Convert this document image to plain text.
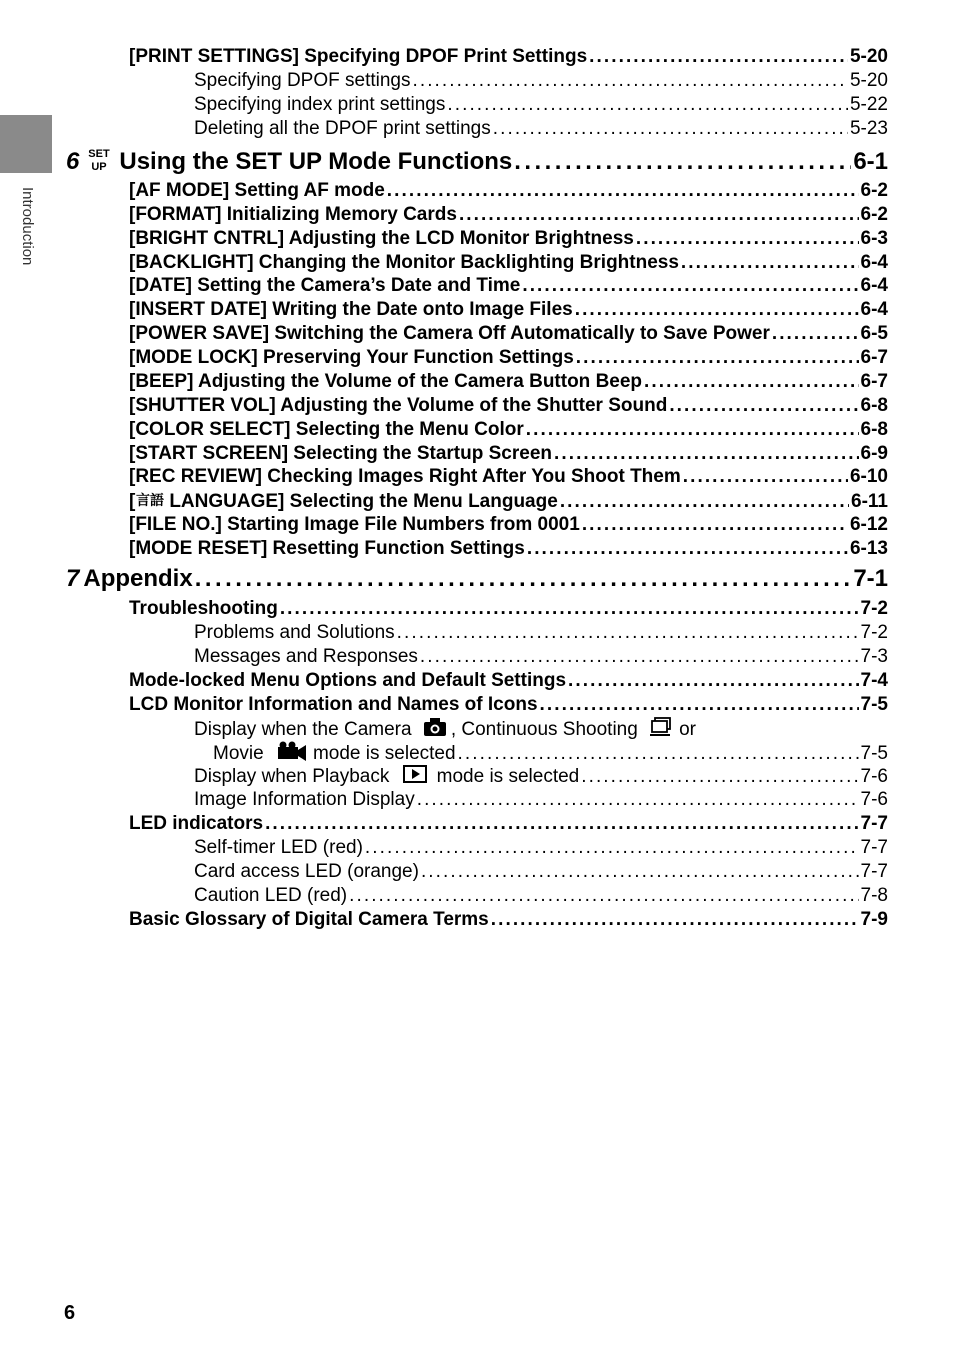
Introduction
[PRINT SETTINGS] Specifying DPOF Print Settings . . .	5-20
Specifying DPOF settings . . .	5-20
Specifying index print settings . . .	5-22
Deleting all the DPOF print settings . . .	5-23
6 SET
UP Using the SET UP Mode Functions . . .	6-1
[AF MODE] Setting AF mode . . .	6-2
[FORMAT] Initializing Memory Cards . . .	6-2
[BRIGHT CNTRL] Adjusting the LCD Monitor Brightness . . .	6-3
[BACKLIGHT] Changing the Monitor Backlighting Brightness . . .	6-4
[DATE] Setting the Camera’s Date and Time . . .	6-4
[INSERT DATE] Writing the Date onto Image Files . . .	6-4
[POWER SAVE] Switching the Camera Off Automatically to Save Power . . .	6-5
[MODE LOCK] Preserving Your Function Settings . . .	6-7
[BEEP] Adjusting the Volume of the Camera Button Beep . . .	6-7
[SHUTTER VOL] Adjusting the Volume of the Shutter Sound . . .	6-8
[COLOR SELECT] Selecting the Menu Color . . .	6-8
[START SCREEN] Selecting the Startup Screen . . .	6-9
[REC REVIEW] Checking Images Right After You Shoot Them . . .	6-10
[ 言語 LANGUAGE] Selecting the Menu Language . . .	6-11
[FILE NO.] Starting Image File Numbers from 0001 . . .	6-12
[MODE RESET] Resetting Function Settings . . .	6-13
7 Appendix . . .	7-1
Troubleshooting . . .	7-2
Problems and Solutions . . .	7-2
Messages and Responses . . .	7-3
Mode-locked Menu Options and Default Settings . . .	7-4
LCD Monitor Information and Names of Icons . . .	7-5
Display when the Camera , Continuous Shooting or
Movie	mode is selected . . .	7-5
Display when Playback mode is selected . . .	7-6
Image Information Display . . .	7-6
LED indicators . . .	7-7
Self-timer LED (red) . . .	7-7
Card access LED (orange) . . .	7-7
Caution LED (red) . . .	7-8
Basic Glossary of Digital Camera Terms . . .	7-9
6
